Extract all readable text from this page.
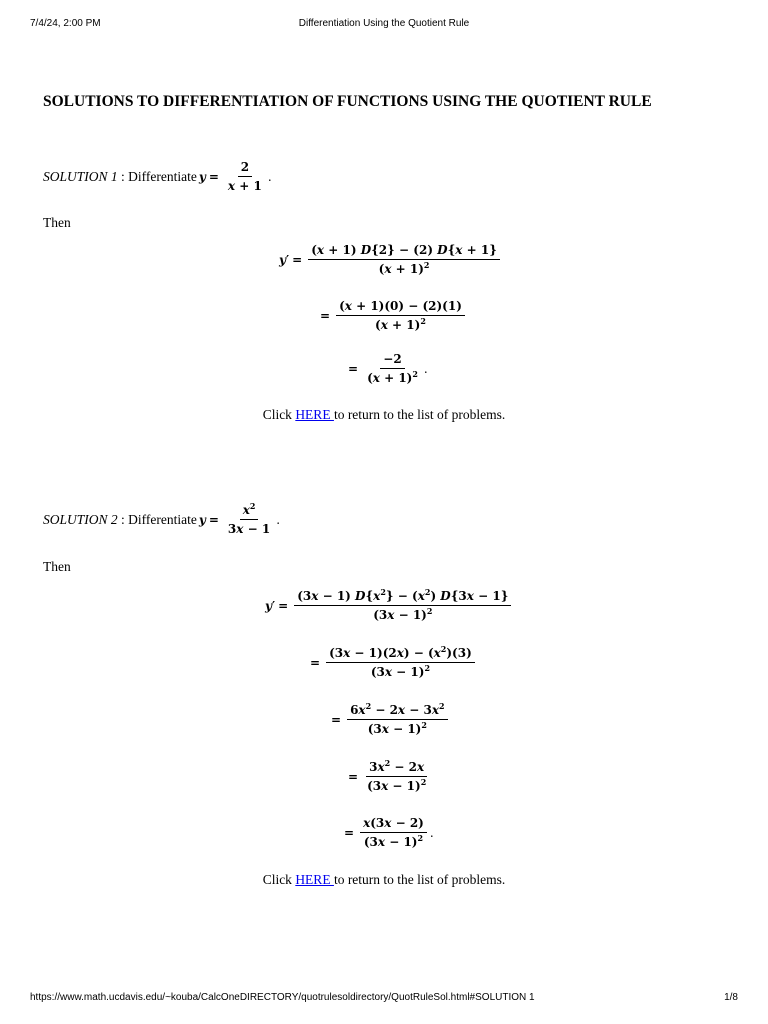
7/4/24, 2:00 PM	Differentiation Using the Quotient Rule
SOLUTIONS TO DIFFERENTIATION OF FUNCTIONS USING THE QUOTIENT RULE
SOLUTION 1 : Differentiate $y = \frac{2}{x + 1}$ .
Then
y ′ = $\frac{(x + 1) D\{2\} - (2) D\{x + 1\}}{(x + 1)^2}$
= $\frac{(x + 1)(0) - (2)(1)}{(x + 1)^2}$
= $\frac{-2}{(x + 1)^2}$ .
Click HERE to return to the list of problems.
SOLUTION 2 : Differentiate $y = \frac{x^2}{3x - 1}$ .
Then
y ′ = $\frac{(3x - 1) D\{x^2\} - (x^2) D\{3x - 1\}}{(3x - 1)^2}$
= $\frac{(3x - 1)(2x) - (x^2)(3)}{(3x - 1)^2}$
= $\frac{6x^2 - 2x - 3x^2}{(3x - 1)^2}$
= $\frac{3x^2 - 2x}{(3x - 1)^2}$
= $\frac{x(3x - 2)}{(3x - 1)^2}$ .
Click HERE to return to the list of problems.
https://www.math.ucdavis.edu/~kouba/CalcOneDIRECTORY/quotrulesoldirectory/QuotRuleSol.html#SOLUTION 1	1/8
